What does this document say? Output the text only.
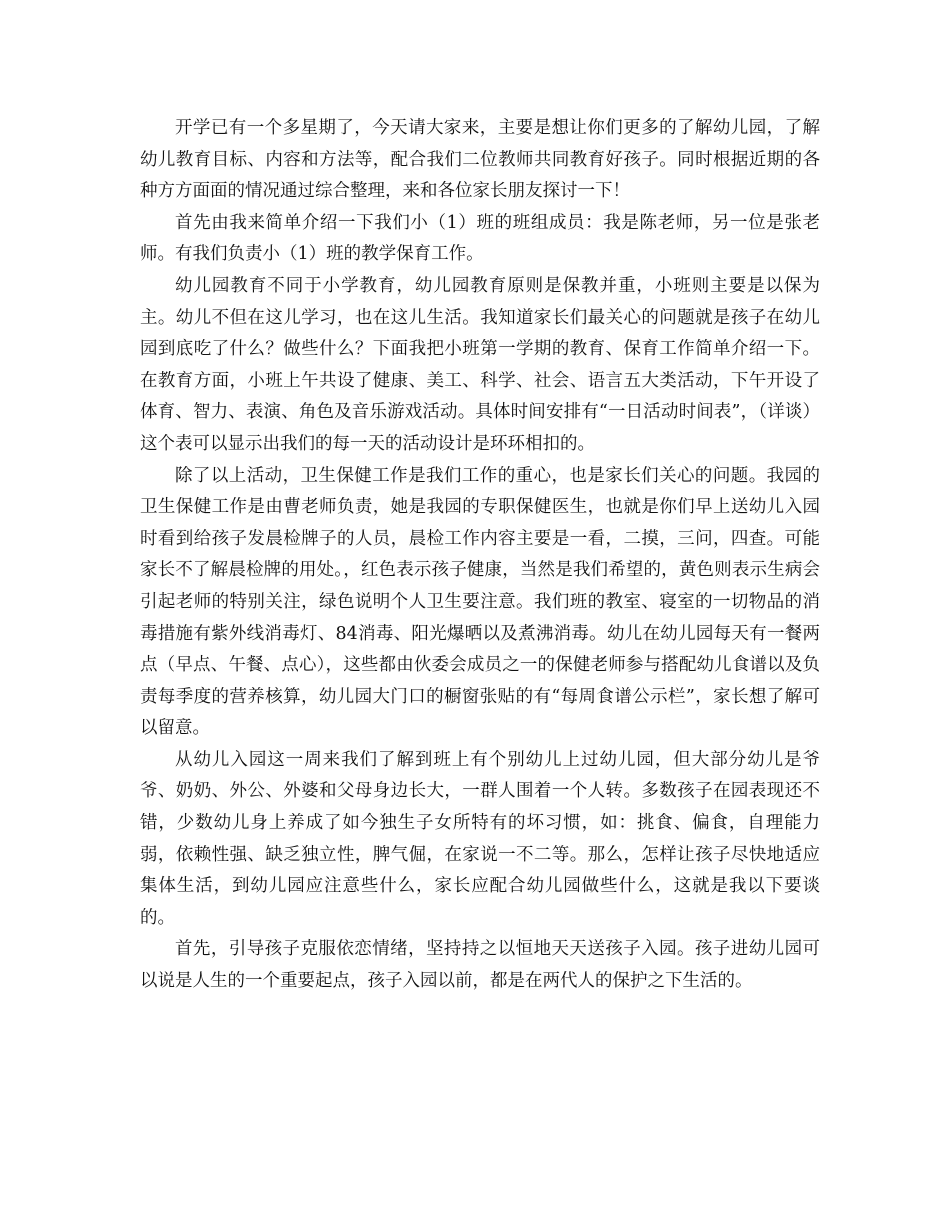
开学已有一个多星期了，今天请大家来，主要是想让你们更多的了解幼儿园，了解幼儿教育目标、内容和方法等，配合我们二位教师共同教育好孩子。同时根据近期的各种方方面面的情况通过综合整理，来和各位家长朋友探讨一下！

首先由我来简单介绍一下我们小（1）班的班组成员：我是陈老师，另一位是张老师。有我们负责小（1）班的教学保育工作。

幼儿园教育不同于小学教育，幼儿园教育原则是保教并重，小班则主要是以保为主。幼儿不但在这儿学习，也在这儿生活。我知道家长们最关心的问题就是孩子在幼儿园到底吃了什么？做些什么？下面我把小班第一学期的教育、保育工作简单介绍一下。在教育方面，小班上午共设了健康、美工、科学、社会、语言五大类活动，下午开设了体育、智力、表演、角色及音乐游戏活动。具体时间安排有“一日活动时间表”，（详谈）这个表可以显示出我们的每一天的活动设计是环环相扣的。

除了以上活动，卫生保健工作是我们工作的重心，也是家长们关心的问题。我园的卫生保健工作是由曹老师负责，她是我园的专职保健医生，也就是你们早上送幼儿入园时看到给孩子发晨检牌子的人员，晨检工作内容主要是一看，二摸，三问，四查。可能家长不了解晨检牌的用处。，红色表示孩子健康，当然是我们希望的，黄色则表示生病会引起老师的特别关注，绿色说明个人卫生要注意。我们班的教室、寝室的一切物品的消毒措施有紫外线消毒灯、84消毒、阳光爆晒以及煮沸消毒。幼儿在幼儿园每天有一餐两点（早点、午餐、点心），这些都由伙委会成员之一的保健老师参与搭配幼儿食谱以及负责每季度的营养核算，幼儿园大门口的橱窗张贴的有“每周食谱公示栏”，家长想了解可以留意。

从幼儿入园这一周来我们了解到班上有个别幼儿上过幼儿园，但大部分幼儿是爷爷、奶奶、外公、外婆和父母身边长大，一群人围着一个人转。多数孩子在园表现还不错，少数幼儿身上养成了如今独生子女所特有的坏习惯，如：挑食、偏食，自理能力弱，依赖性强、缺乏独立性，脾气倔，在家说一不二等。那么，怎样让孩子尽快地适应集体生活，到幼儿园应注意些什么，家长应配合幼儿园做些什么，这就是我以下要谈的。

首先，引导孩子克服依恋情绪，坚持持之以恒地天天送孩子入园。孩子进幼儿园可以说是人生的一个重要起点，孩子入园以前，都是在两代人的保护之下生活的。
